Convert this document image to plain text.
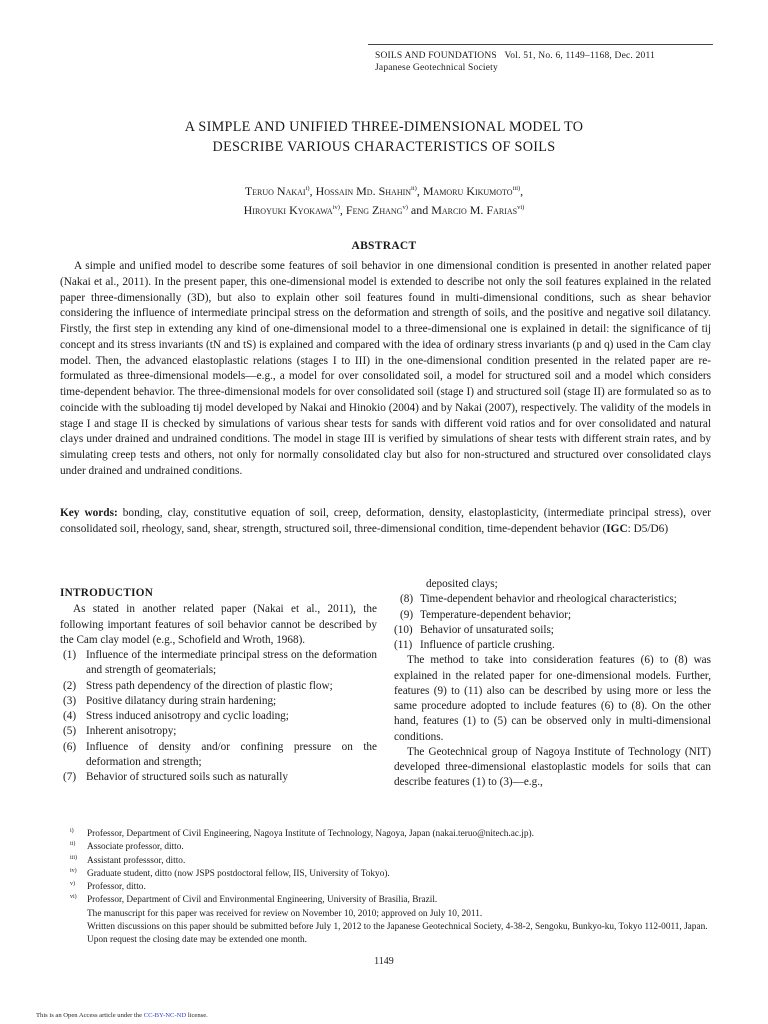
SOILS AND FOUNDATIONS   Vol. 51, No. 6, 1149–1168, Dec. 2011
Japanese Geotechnical Society
A SIMPLE AND UNIFIED THREE-DIMENSIONAL MODEL TO
DESCRIBE VARIOUS CHARACTERISTICS OF SOILS
Teruo Nakai$^{i)}$, Hossain Md. Shahin$^{ii)}$, Mamoru Kikumoto$^{iii)}$,
Hiroyuki Kyokawa$^{iv)}$, Feng Zhang$^{v)}$ and Marcio M. Farias$^{vi)}$
ABSTRACT

A simple and unified model to describe some features of soil behavior in one dimensional condition is presented in another related paper (Nakai et al., 2011). In the present paper, this one-dimensional model is extended to describe not only the soil features explained in the related paper three-dimensionally (3D), but also to explain other soil features found in multi-dimensional conditions, such as shear behavior considering the influence of intermediate principal stress on the deformation and strength of soils, and the positive and negative soil dilatancy. Firstly, the first step in extending any kind of one-dimensional model to a three-dimensional one is explained in detail: the significance of tij concept and its stress invariants (tN and tS) is explained and compared with the idea of ordinary stress invariants (p and q) used in the Cam clay model. Then, the advanced elastoplastic relations (stages I to III) in the one-dimensional condition presented in the related paper are re-formulated as three-dimensional models—e.g., a model for over consolidated soil, a model for structured soil and a model which considers time-dependent behavior. The three-dimensional models for over consolidated soil (stage I) and structured soil (stage II) are formulated so as to coincide with the subloading tij model developed by Nakai and Hinokio (2004) and by Nakai (2007), respectively. The validity of the models in stage I and stage II is checked by simulations of various shear tests for sands with different void ratios and for over consolidated and natural clays under drained and undrained conditions. The model in stage III is verified by simulations of shear tests with different strain rates, and by simulating creep tests and others, not only for normally consolidated clay but also for non-structured and structured over consolidated clays under drained and undrained conditions.

Key words: bonding, clay, constitutive equation of soil, creep, deformation, density, elastoplasticity, (intermediate principal stress), over consolidated soil, rheology, sand, shear, strength, structured soil, three-dimensional condition, time-dependent behavior (IGC: D5/D6)

INTRODUCTION

As stated in another related paper (Nakai et al., 2011), the following important features of soil behavior cannot be described by the Cam clay model (e.g., Schofield and Wroth, 1968).

(1) Influence of the intermediate principal stress on the deformation and strength of geomaterials;
(2) Stress path dependency of the direction of plastic flow;
(3) Positive dilatancy during strain hardening;
(4) Stress induced anisotropy and cyclic loading;
(5) Inherent anisotropy;
(6) Influence of density and/or confining pressure on the deformation and strength;
(7) Behavior of structured soils such as naturally
deposited clays;
(8) Time-dependent behavior and rheological characteristics;
(9) Temperature-dependent behavior;
(10) Behavior of unsaturated soils;
(11) Influence of particle crushing.

The method to take into consideration features (6) to (8) was explained in the related paper for one-dimensional models. Further, features (9) to (11) also can be described by using more or less the same procedure adopted to include features (6) to (8). On the other hand, features (1) to (5) can be observed only in multi-dimensional conditions.

The Geotechnical group of Nagoya Institute of Technology (NIT) developed three-dimensional elastoplastic models for soils that can describe features (1) to (3)—e.g.,

i) Professor, Department of Civil Engineering, Nagoya Institute of Technology, Nagoya, Japan (nakai.teruo@nitech.ac.jp).
ii) Associate professor, ditto.
iii) Assistant professsor, ditto.
iv) Graduate student, ditto (now JSPS postdoctoral fellow, IIS, University of Tokyo).
v) Professor, ditto.
vi) Professor, Department of Civil and Environmental Engineering, University of Brasilia, Brazil.
The manuscript for this paper was received for review on November 10, 2010; approved on July 10, 2011.
Written discussions on this paper should be submitted before July 1, 2012 to the Japanese Geotechnical Society, 4-38-2, Sengoku, Bunkyo-ku, Tokyo 112-0011, Japan. Upon request the closing date may be extended one month.
1149
This is an Open Access article under the CC-BY-NC-ND license.
